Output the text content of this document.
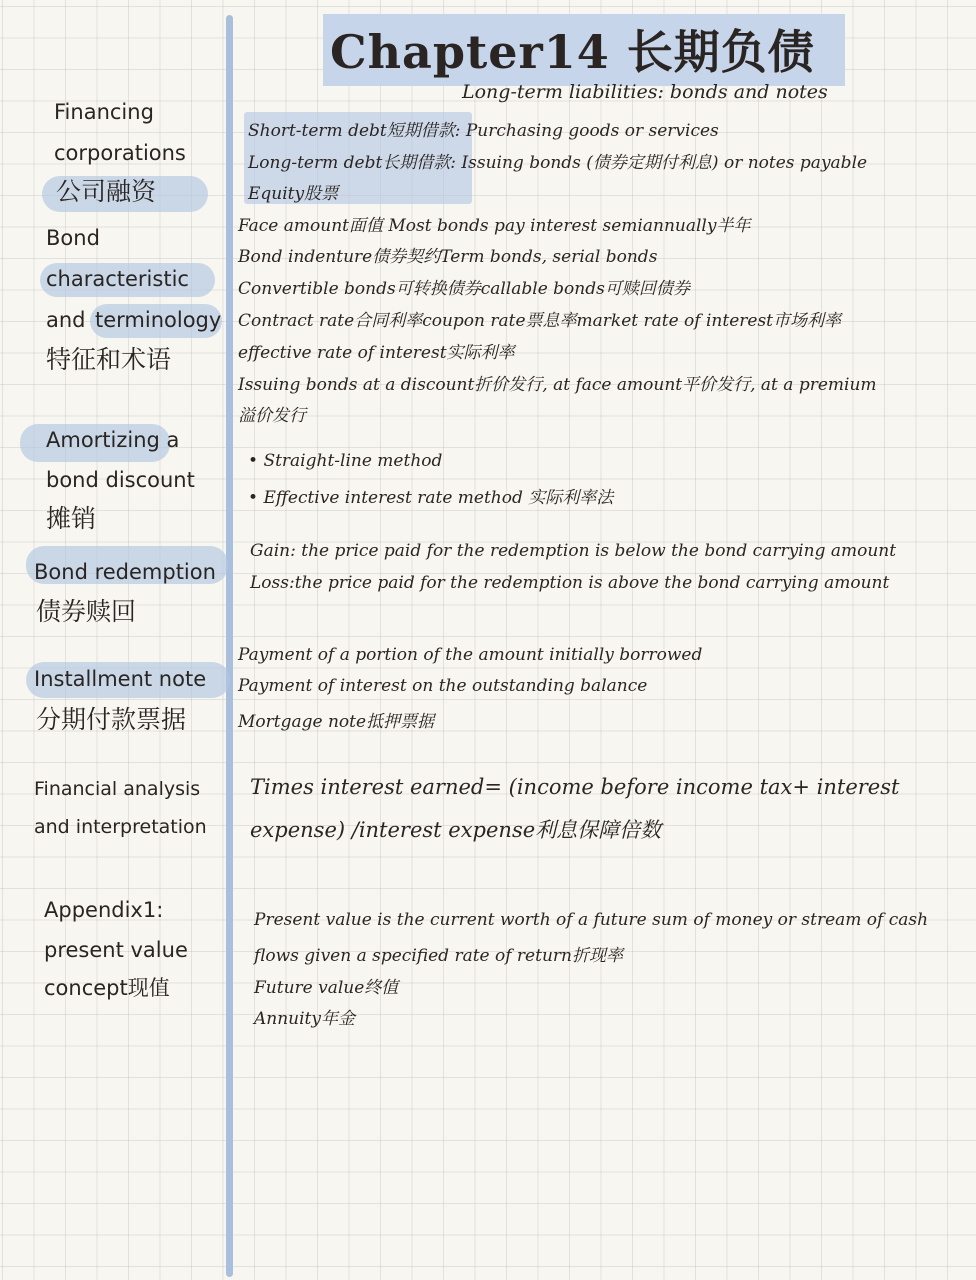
Chapter14 长期负债
Long-term liabilities: bonds and notes
Financing
corporations
公司融资
Bond
characteristic
and terminology
特征和术语
Amortizing a
bond discount
摊销
Bond redemption
债券赎回
Installment note
分期付款票据
Financial analysis
and interpretation
Appendix1:
present value
concept现值
Short-term debt短期借款: Purchasing goods or services
Long-term debt长期借款: Issuing bonds (债券定期付利息) or notes payable
Equity股票
Face amount面值 Most bonds pay interest semiannually半年
Bond indenture债券契约Term bonds, serial bonds
Convertible bonds可转换债券callable bonds可赎回债券
Contract rate合同利率coupon rate票息率market rate of interest市场利率
effective rate of interest实际利率
Issuing bonds at a discount折价发行, at face amount平价发行, at a premium
溢价发行
• Straight-line method
• Effective interest rate method 实际利率法
Gain: the price paid for the redemption is below the bond carrying amount
Loss:the price paid for the redemption is above the bond carrying amount
Payment of a portion of the amount initially borrowed
Payment of interest on the outstanding balance
Mortgage note抵押票据
Times interest earned= (income before income tax+ interest
expense) /interest expense利息保障倍数
Present value is the current worth of a future sum of money or stream of cash
flows given a specified rate of return折现率
Future value终值
Annuity年金
